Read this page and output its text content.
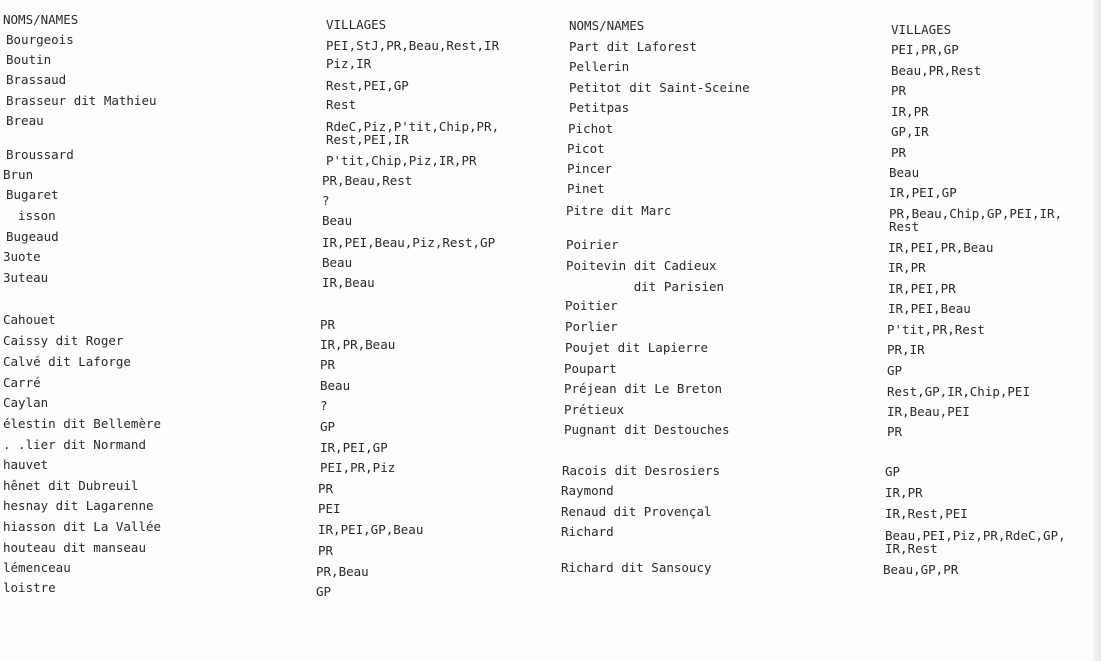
NOMS/NAMES
Bourgeois
Boutin
Brassaud
Brasseur dit Mathieu
Breau
Broussard
Brun
Bugaret
isson
Bugeaud
3uote
3uteau
Cahouet
Caissy dit Roger
Calvé dit Laforge
Carré
Caylan
élestin dit Bellemère
. .lier dit Normand
hauvet
hênet dit Dubreuil
hesnay dit Lagarenne
hiasson dit La Vallée
houteau dit manseau
lémenceau
loistre
VILLAGES
PEI,StJ,PR,Beau,Rest,IR
Piz,IR
Rest,PEI,GP
Rest
RdeC,Piz,P'tit,Chip,PR,
Rest,PEI,IR
P'tit,Chip,Piz,IR,PR
PR,Beau,Rest
?
Beau
IR,PEI,Beau,Piz,Rest,GP
Beau
IR,Beau
PR
IR,PR,Beau
PR
Beau
?
GP
IR,PEI,GP
PEI,PR,Piz
PR
PEI
IR,PEI,GP,Beau
PR
PR,Beau
GP
NOMS/NAMES
Part dit Laforest
Pellerin
Petitot dit Saint-Sceine
Petitpas
Pichot
Picot
Pincer
Pinet
Pitre dit Marc
Poirier
Poitevin dit Cadieux
dit Parisien
Poitier
Porlier
Poujet dit Lapierre
Poupart
Préjean dit Le Breton
Prétieux
Pugnant dit Destouches
Racois dit Desrosiers
Raymond
Renaud dit Provençal
Richard
Richard dit Sansoucy
VILLAGES
PEI,PR,GP
Beau,PR,Rest
PR
IR,PR
GP,IR
PR
Beau
IR,PEI,GP
PR,Beau,Chip,GP,PEI,IR,
Rest
IR,PEI,PR,Beau
IR,PR
IR,PEI,PR
IR,PEI,Beau
P'tit,PR,Rest
PR,IR
GP
Rest,GP,IR,Chip,PEI
IR,Beau,PEI
PR
GP
IR,PR
IR,Rest,PEI
Beau,PEI,Piz,PR,RdeC,GP,
IR,Rest
Beau,GP,PR
